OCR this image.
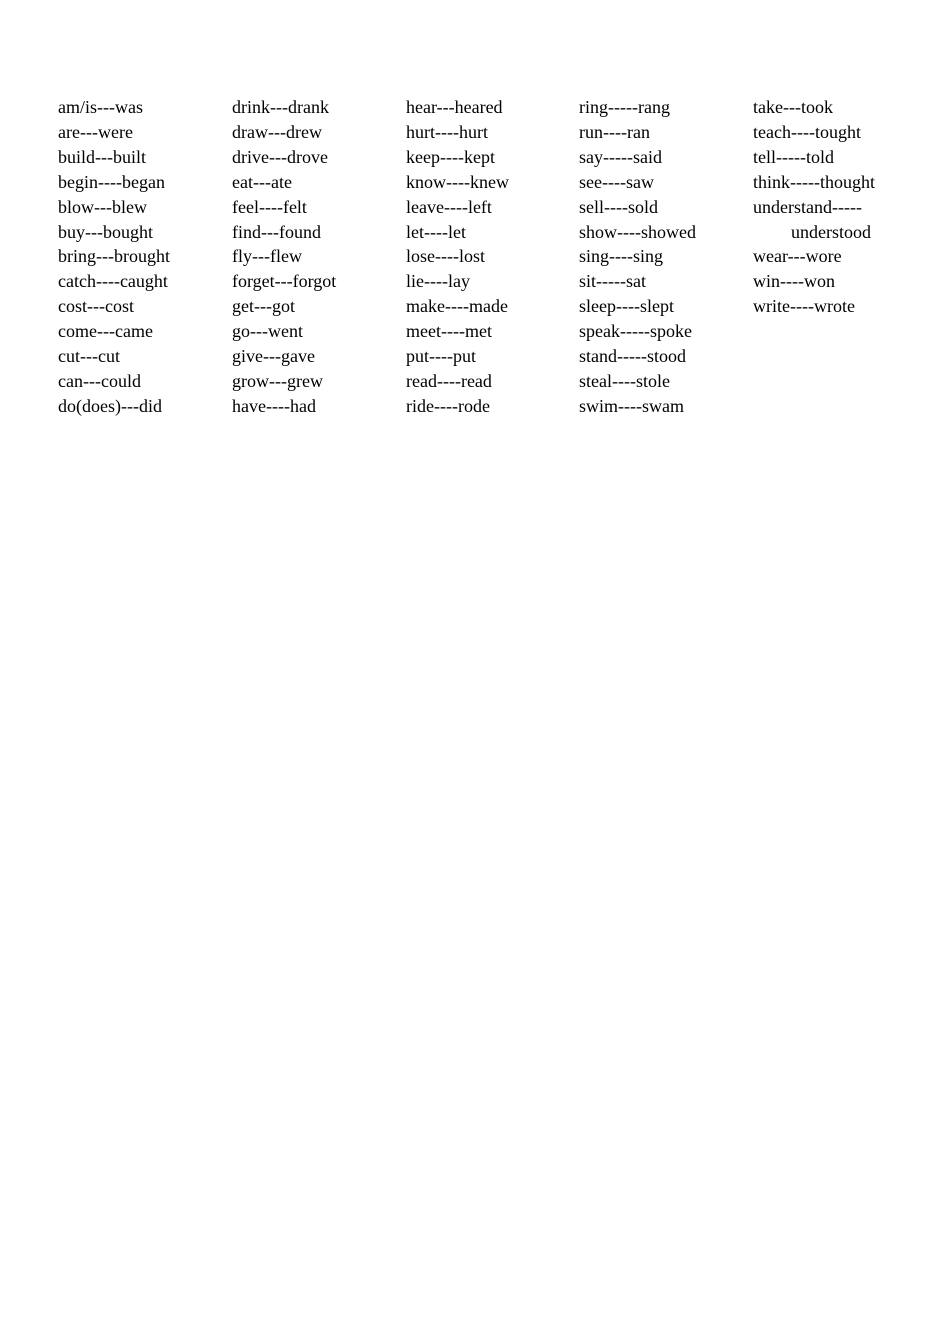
am/is---was
are---were
build---built
begin----began
blow---blew
buy---bought
bring---brought
catch----caught
cost---cost
come---came
cut---cut
can---could
do(does)---did
drink---drank
draw---drew
drive---drove
eat---ate
feel----felt
find---found
fly---flew
forget---forgot
get---got
go---went
give---gave
grow---grew
have----had
hear---heared
hurt----hurt
keep----kept
know----knew
leave----left
let----let
lose----lost
lie----lay
make----made
meet----met
put----put
read----read
ride----rode
ring-----rang
run----ran
say-----said
see----saw
sell----sold
show----showed
sing----sing
sit-----sat
sleep----slept
speak-----spoke
stand-----stood
steal----stole
swim----swam
take---took
teach----tought
tell-----told
think-----thought
understand-----
understood
wear---wore
win----won
write----wrote
